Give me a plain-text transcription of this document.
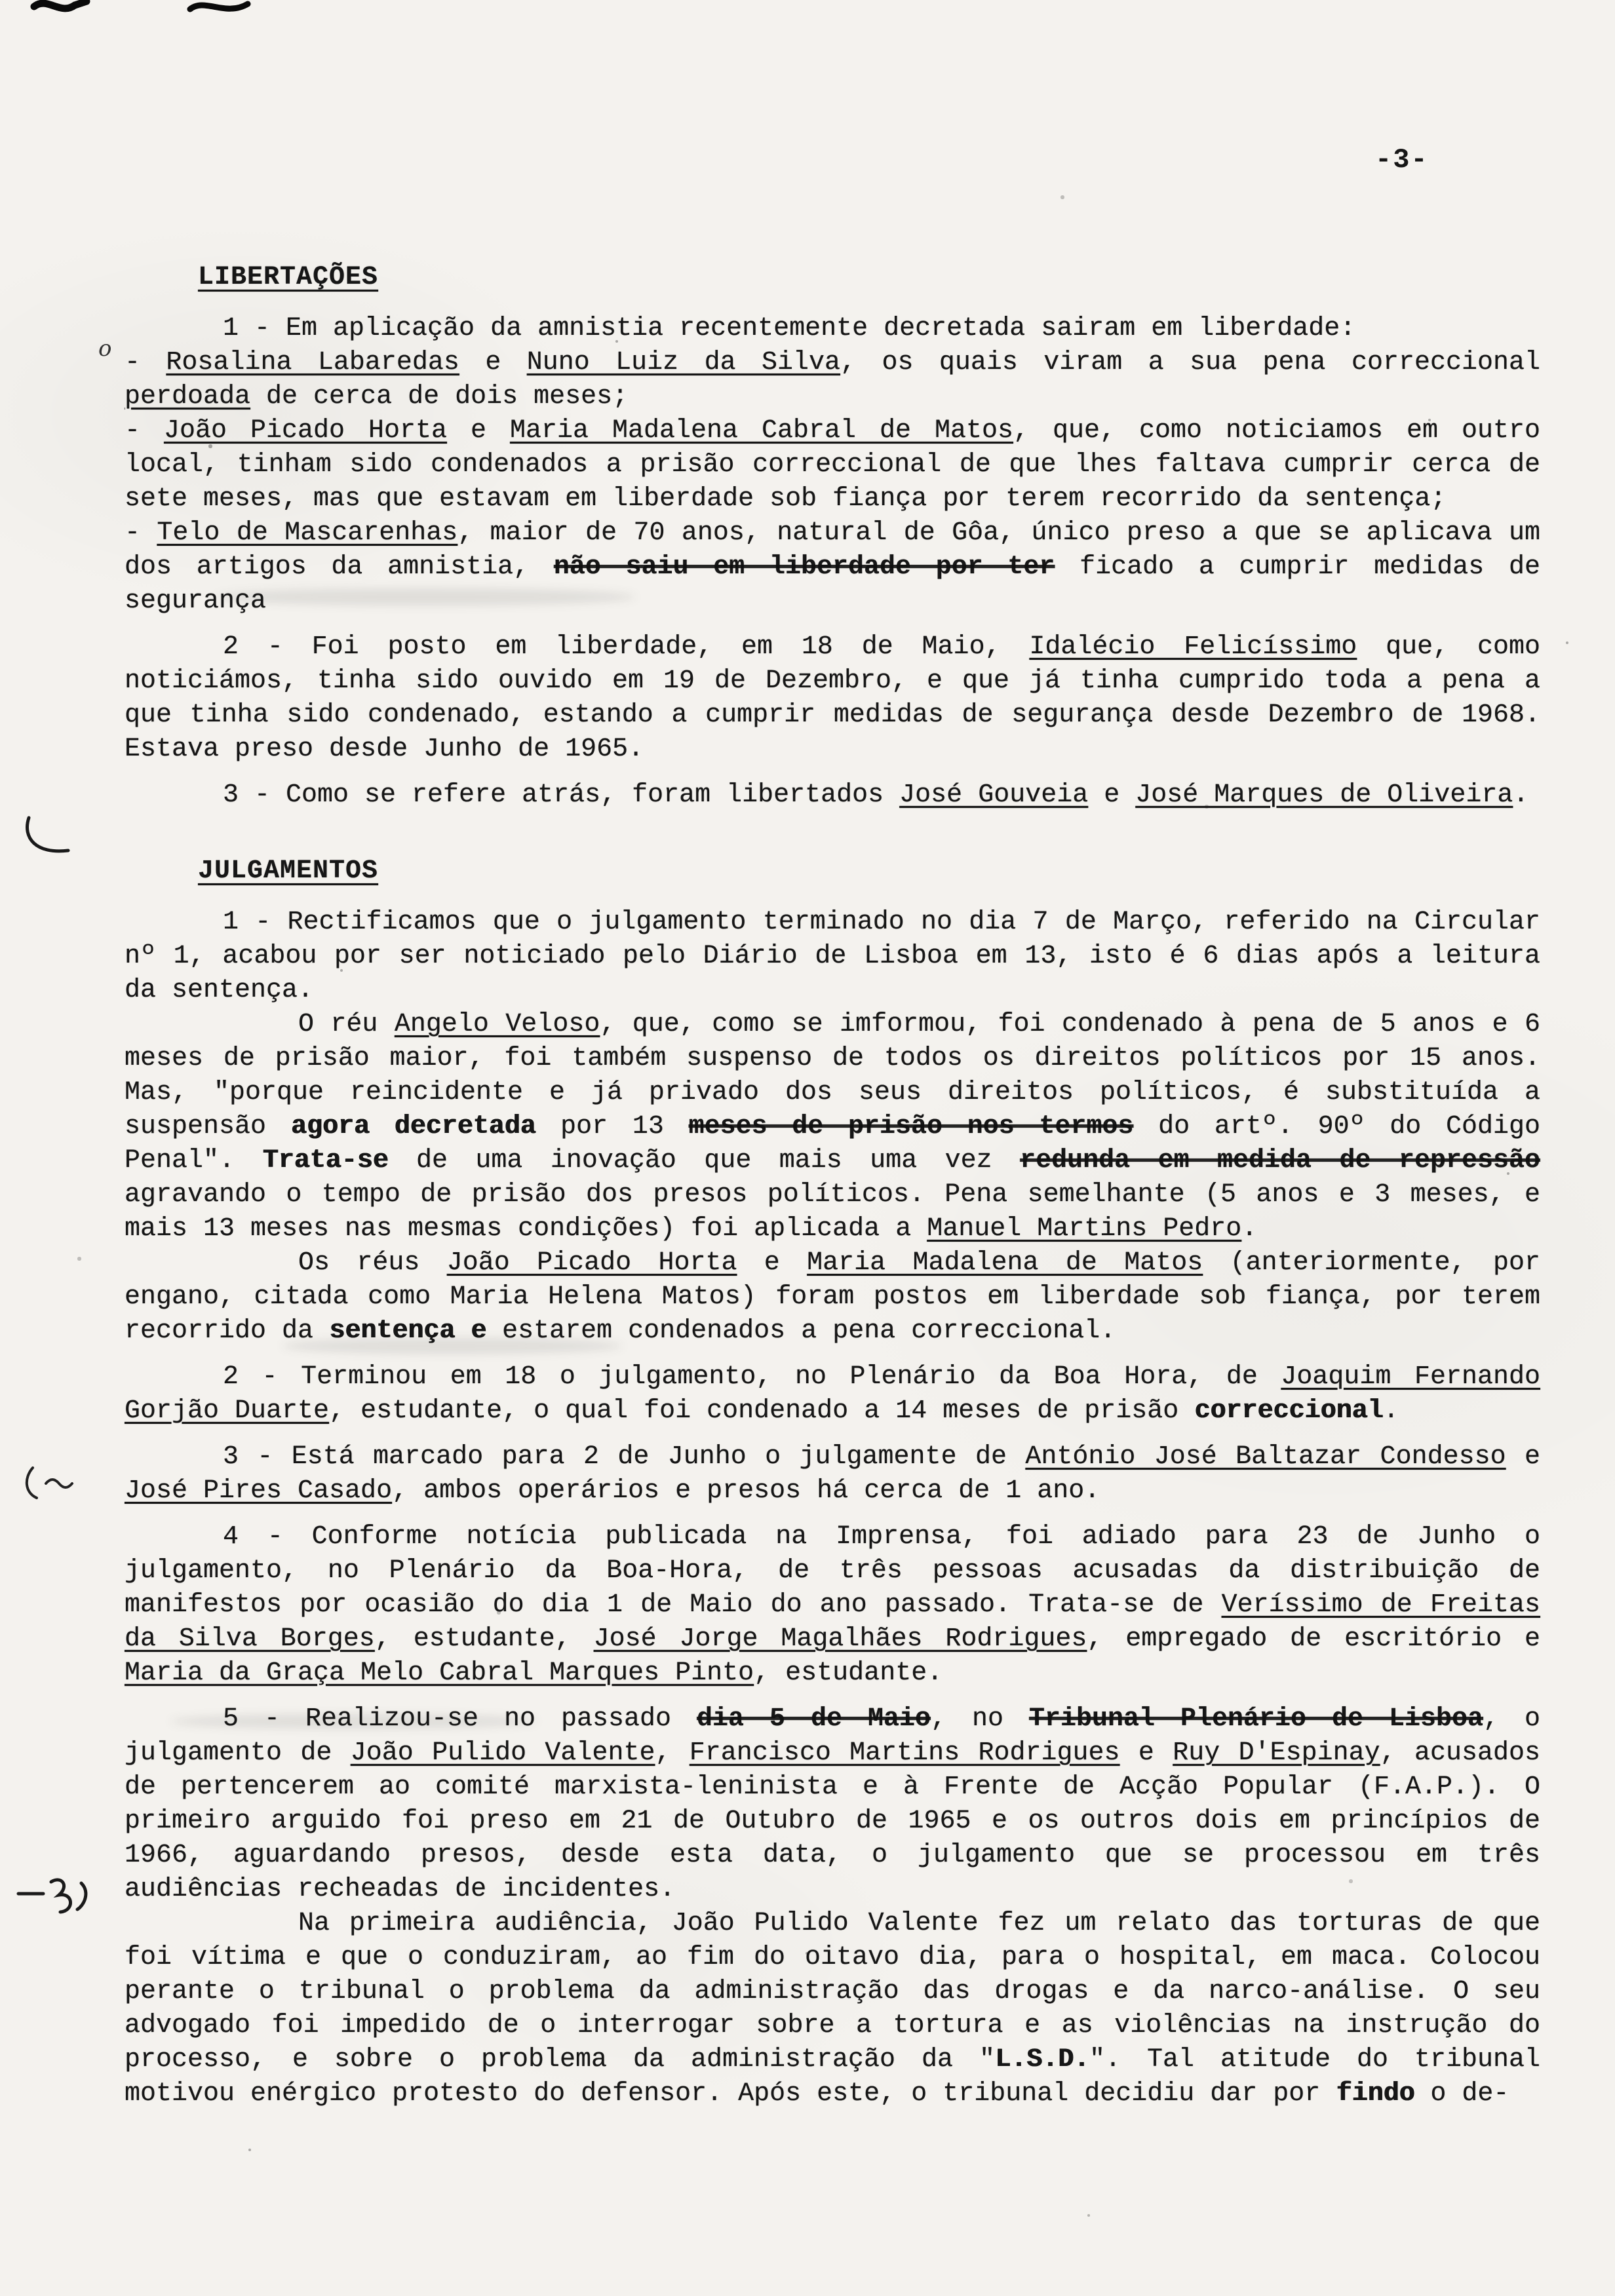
-3-
o
LIBERTAÇÕES

1 - Em aplicação da amnistia recentemente decretada sairam em liberdade:

- Rosalina Labaredas e Nuno Luiz da Silva, os quais viram a sua pena correccional perdoada de cerca de dois meses;

- João Picado Horta e Maria Madalena Cabral de Matos, que, como noticiamos em outro local, tinham sido condenados a prisão correccional de que lhes faltava cumprir cerca de sete meses, mas que estavam em liberdade sob fiança por terem recorrido da sentença;

- Telo de Mascarenhas, maior de 70 anos, natural de Gôa, único preso a que se aplicava um dos artigos da amnistia, não saiu em liberdade por ter ficado a cumprir medidas de segurança

2 - Foi posto em liberdade, em 18 de Maio, Idalécio Felicíssimo que, como noticiámos, tinha sido ouvido em 19 de Dezembro, e que já tinha cumprido toda a pena a que tinha sido condenado, estando a cumprir medidas de segurança desde Dezembro de 1968. Estava preso desde Junho de 1965.

3 - Como se refere atrás, foram libertados José Gouveia e José Marques de Oliveira.

JULGAMENTOS

1 - Rectificamos que o julgamento terminado no dia 7 de Março, referido na Circular nº 1, acabou por ser noticiado pelo Diário de Lisboa em 13, isto é 6 dias após a leitura da sentença.

O réu Angelo Veloso, que, como se imformou, foi condenado à pena de 5 anos e 6 meses de prisão maior, foi também suspenso de todos os direitos políticos por 15 anos. Mas, "porque reincidente e já privado dos seus direitos políticos, é substituída a suspensão agora decretada por 13 meses de prisão nos termos do artº. 90º do Código Penal". Trata-se de uma inovação que mais uma vez redunda em medida de repressão agravando o tempo de prisão dos presos políticos. Pena semelhante (5 anos e 3 meses, e mais 13 meses nas mesmas condições) foi aplicada a Manuel Martins Pedro.

Os réus João Picado Horta e Maria Madalena de Matos (anteriormente, por engano, citada como Maria Helena Matos) foram postos em liberdade sob fiança, por terem recorrido da sentença e estarem condenados a pena correccional.

2 - Terminou em 18 o julgamento, no Plenário da Boa Hora, de Joaquim Fernando Gorjão Duarte, estudante, o qual foi condenado a 14 meses de prisão correccional.

3 - Está marcado para 2 de Junho o julgamente de António José Baltazar Condesso e José Pires Casado, ambos operários e presos há cerca de 1 ano.

4 - Conforme notícia publicada na Imprensa, foi adiado para 23 de Junho o julgamento, no Plenário da Boa-Hora, de três pessoas acusadas da distribuição de manifestos por ocasião do dia 1 de Maio do ano passado. Trata-se de Veríssimo de Freitas da Silva Borges, estudante, José Jorge Magalhães Rodrigues, empregado de escritório e Maria da Graça Melo Cabral Marques Pinto, estudante.

5 - Realizou-se no passado dia 5 de Maio, no Tribunal Plenário de Lisboa, o julgamento de João Pulido Valente, Francisco Martins Rodrigues e Ruy D'Espinay, acusados de pertencerem ao comité marxista-leninista e à Frente de Acção Popular (F.A.P.). O primeiro arguido foi preso em 21 de Outubro de 1965 e os outros dois em princípios de 1966, aguardando presos, desde esta data, o julgamento que se processou em três audiências recheadas de incidentes.

Na primeira audiência, João Pulido Valente fez um relato das torturas de que foi vítima e que o conduziram, ao fim do oitavo dia, para o hospital, em maca. Colocou perante o tribunal o problema da administração das drogas e da narco-análise. O seu advogado foi impedido de o interrogar sobre a tortura e as violências na instrução do processo, e sobre o problema da administração da "L.S.D.". Tal atitude do tribunal motivou enérgico protesto do defensor. Após este, o tribunal decidiu dar por findo o de-
